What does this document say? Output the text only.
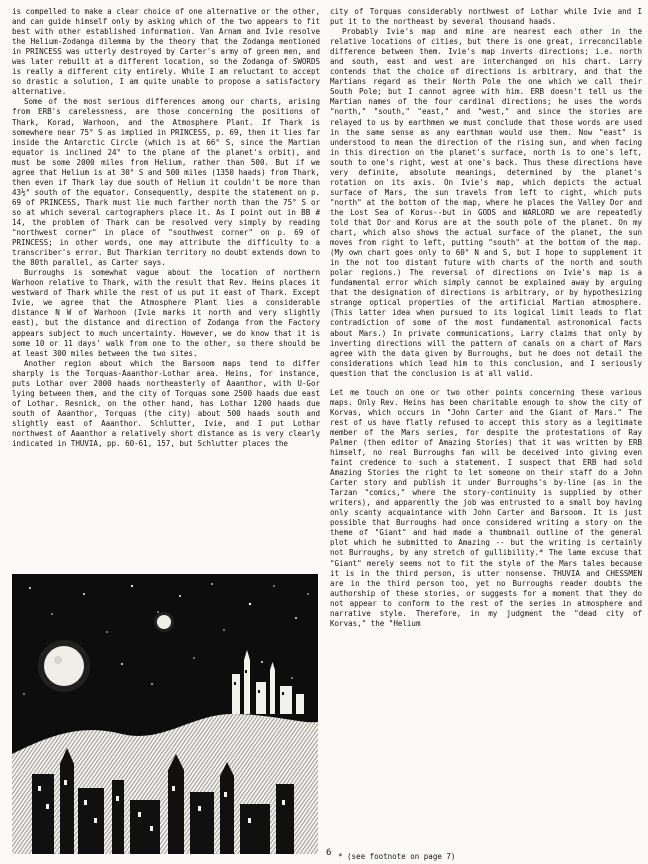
is compelled to make a clear choice of one alternative or the other, and can guide himself only by asking which of the two appears to fit best with other established information. Van Arnam and Ivie resolve the Helium-Zodanga dilemma by the theory that the Zodanga mentioned in PRINCESS was utterly destroyed by Carter's army of green men, and was later rebuilt at a different location, so the Zodanga of SWORDS is really a different city entirely. While I am reluctant to accept so drastic a solution, I am quite unable to propose a satisfactory alternative.

Some of the most serious differences among our charts, arising from ERB's carelessness, are those concerning the positions of Thark, Korad, Warhoon, and the Atmosphere Plant. If Thark is somewhere near 75° S as implied in PRINCESS, p. 69, then it lies far inside the Antarctic Circle (which is at 66° S, since the Martian equator is inclined 24° to the plane of the planet's orbit), and must be some 2000 miles from Helium, rather than 500. But if we agree that Helium is at 30° S and 500 miles (1350 haads) from Thark, then even if Thark lay due south of Helium it couldn't be more than 43½° south of the equator. Consequently, despite the statement on p. 69 of PRINCESS, Thark must lie much farther north than the 75° S or so at which several cartographers place it. As I point out in BB # 14, the problem of Thark can be resolved very simply by reading "northwest corner" in place of "southwest corner" on p. 69 of PRINCESS; in other words, one may attribute the difficulty to a transcriber's error. But Tharkian territory no doubt extends down to the 80th parallel, as Carter says.

Burroughs is somewhat vague about the location of northern Warhoon relative to Thark, with the result that Rev. Heins places it westward of Thark while the rest of us put it east of Thark. Except Ivie, we agree that the Atmosphere Plant lies a considerable distance N W of Warhoon (Ivie marks it north and very slightly east), but the distance and direction of Zodanga from the Factory appears subject to much uncertainty. However, we do know that it is some 10 or 11 days' walk from one to the other, so there should be at least 300 miles between the two sites.

Another region about which the Barsoom maps tend to differ sharply is the Torquas-Aaanthor-Lothar area. Heins, for instance, puts Lothar over 2000 haads northeasterly of Aaanthor, with U-Gor lying between them, and the city of Torquas some 2500 haads due east of Lothar. Resnick, on the other hand, has Lothar 1200 haads due south of Aaanthor, Torquas (the city) about 500 haads south and slightly east of Aaanthor. Schlutter, Ivie, and I put Lothar northwest of Aaanthor a relatively short distance as is very clearly indicated in THUVIA, pp. 60-61, 157, but Schlutter places the

city of Torquas considerably northwest of Lothar while Ivie and I put it to the northeast by several thousand haads.

Probably Ivie's map and mine are nearest each other in the relative locations of cities, but there is one great, irreconcilable difference between them. Ivie's map inverts directions; i.e. north and south, east and west are interchanged on his chart. Larry contends that the choice of directions is arbitrary, and that the Martians regard as their North Pole the one which we call their South Pole; but I cannot agree with him. ERB doesn't tell us the Martian names of the four cardinal directions; he uses the words "north," "south," "east," and "west," and since the stories are relayed to us by earthmen we must conclude that those words are used in the same sense as any earthman would use them. Now "east" is understood to mean the direction of the rising sun, and when facing in this direction on the planet's surface, north is to one's left, south to one's right, west at one's back. Thus these directions have very definite, absolute meanings, determined by the planet's rotation on its axis. On Ivie's map, which depicts the actual surface of Mars, the sun travels from left to right, which puts "north" at the bottom of the map, where he places the Valley Dor and the Lost Sea of Korus--but in GODS and WARLORD we are repeatedly told that Dor and Korus are at the south pole of the planet. On my chart, which also shows the actual surface of the planet, the sun moves from right to left, putting "south" at the bottom of the map. (My own chart goes only to 60° N and S, but I hope to supplement it in the not too distant future with charts of the north and south polar regions.) The reversal of directions on Ivie's map is a fundamental error which simply cannot be explained away by arguing that the designation of directions is arbitrary, or by hypothesizing strange optical properties of the artificial Martian atmosphere. (This latter idea when pursued to its logical limit leads to flat contradiction of some of the most fundamental astronomical facts about Mars.) In private communications, Larry claims that only by inverting directions will the pattern of canals on a chart of Mars agree with the data given by Burroughs, but he does not detail the considerations which lead him to this conclusion, and I seriously question that the conclusion is at all valid.

Let me touch on one or two other points concerning these various maps. Only Rev. Heins has been charitable enough to show the city of Korvas, which occurs in "John Carter and the Giant of Mars." The rest of us have flatly refused to accept this story as a legitimate member of the Mars series, for despite the protestations of Ray Palmer (then editor of Amazing Stories) that it was written by ERB himself, no real Burroughs fan will be deceived into giving even faint credence to such a statement. I suspect that ERB had sold Amazing Stories the right to let someone on their staff do a John Carter story and publish it under Burroughs's by-line (as in the Tarzan "comics," where the story-continuity is supplied by other writers), and apparently the job was entrusted to a small boy having only scanty acquaintance with John Carter and Barsoom. It is just possible that Burroughs had once considered writing a story on the theme of "Giant" and had made a thumbnail outline of the general plot which he submitted to Amazing -- but the writing is certainly not Burroughs, by any stretch of gullibility.* The lame excuse that "Giant" merely seems not to fit the style of the Mars tales because it is in the third person, is utter nonsense. THUVIA and CHESSMEN are in the third person too, yet no Burroughs reader doubts the authorship of these stories, or suggests for a moment that they do not appear to conform to the rest of the series in atmosphere and narrative style. Therefore, in my judgment the "dead city of Korvas," the "Helium

6 * (see footnote on page 7)
